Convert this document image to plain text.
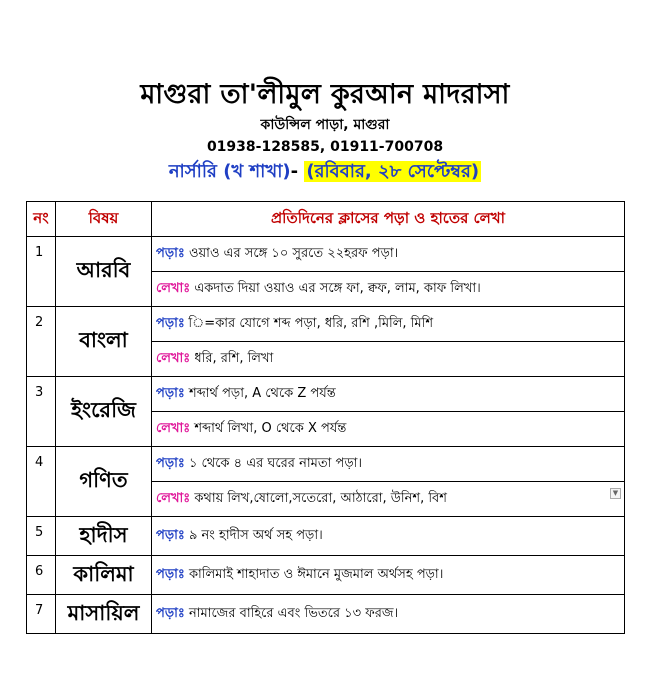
মাগুরা তা'লীমুল কুরআন মাদরাসা
কাউন্সিল পাড়া, মাগুরা
01938-128585, 01911-700708
নার্সারি (খ শাখা)- (রবিবার, ২৮ সেপ্টেম্বর)
নং	বিষয়	প্রতিদিনের ক্লাসের পড়া ও হাতের লেখা
1	আরবি	পড়াঃ ওয়াও এর সঙ্গে ১০ সুরতে ২২হরফ পড়া।
		লেখাঃ একদাত দিয়া ওয়াও এর সঙ্গে ফা, ক্বফ, লাম, কাফ লিখা।
2	বাংলা	পড়াঃ ি=কার যোগে শব্দ পড়া, ধরি, রশি ,মিলি, মিশি
		লেখাঃ ধরি, রশি, লিখা
3	ইংরেজি	পড়াঃ শব্দার্থ পড়া, A থেকে Z পর্যন্ত
		লেখাঃ শব্দার্থ লিখা, O থেকে X পর্যন্ত
4	গণিত	পড়াঃ ১ থেকে ৪ এর ঘরের নামতা পড়া।
		লেখাঃ কথায় লিখ,ষোলো,সতেরো, আঠারো, উনিশ, বিশ ▼

5	হাদীস	পড়াঃ ৯ নং হাদীস অর্থ সহ পড়া।
6	কালিমা	পড়াঃ কালিমাই শাহাদাত ও ঈমানে মুজমাল অর্থসহ পড়া।
7	মাসায়িল	পড়াঃ নামাজের বাহিরে এবং ভিতরে ১৩ ফরজ।
